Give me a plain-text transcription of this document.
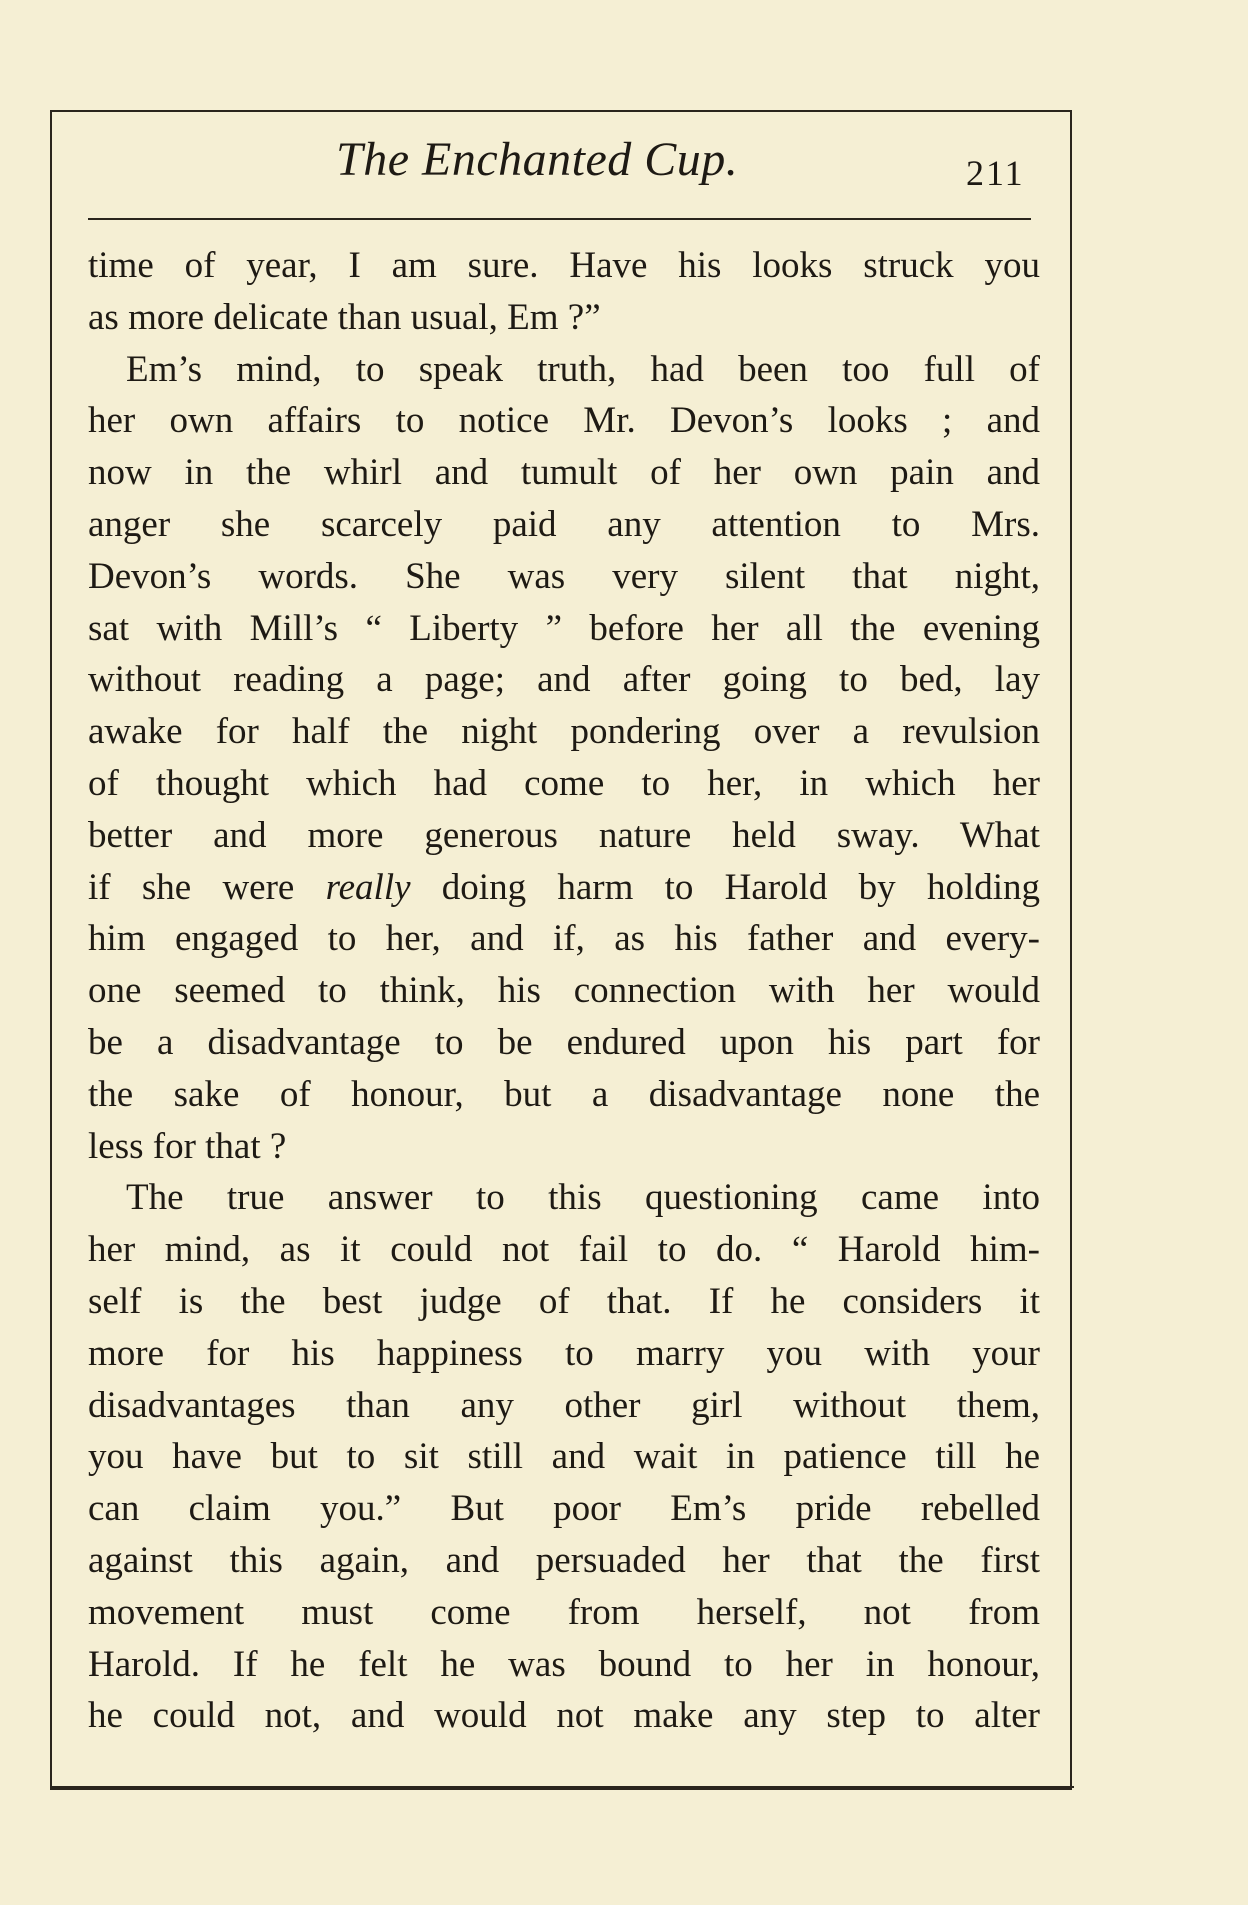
The Enchanted Cup.	211
time of year, I am sure. Have his looks struck you
as more delicate than usual, Em ?”
Em’s mind, to speak truth, had been too full of
her own affairs to notice Mr. Devon’s looks ; and
now in the whirl and tumult of her own pain and
anger she scarcely paid any attention to Mrs.
Devon’s words. She was very silent that night,
sat with Mill’s “ Liberty ” before her all the evening
without reading a page; and after going to bed, lay
awake for half the night pondering over a revulsion
of thought which had come to her, in which her
better and more generous nature held sway. What
if she were really doing harm to Harold by holding
him engaged to her, and if, as his father and every-
one seemed to think, his connection with her would
be a disadvantage to be endured upon his part for
the sake of honour, but a disadvantage none the
less for that ?
The true answer to this questioning came into
her mind, as it could not fail to do. “ Harold him-
self is the best judge of that. If he considers it
more for his happiness to marry you with your
disadvantages than any other girl without them,
you have but to sit still and wait in patience till he
can claim you.” But poor Em’s pride rebelled
against this again, and persuaded her that the first
movement must come from herself, not from
Harold. If he felt he was bound to her in honour,
he could not, and would not make any step to alter
